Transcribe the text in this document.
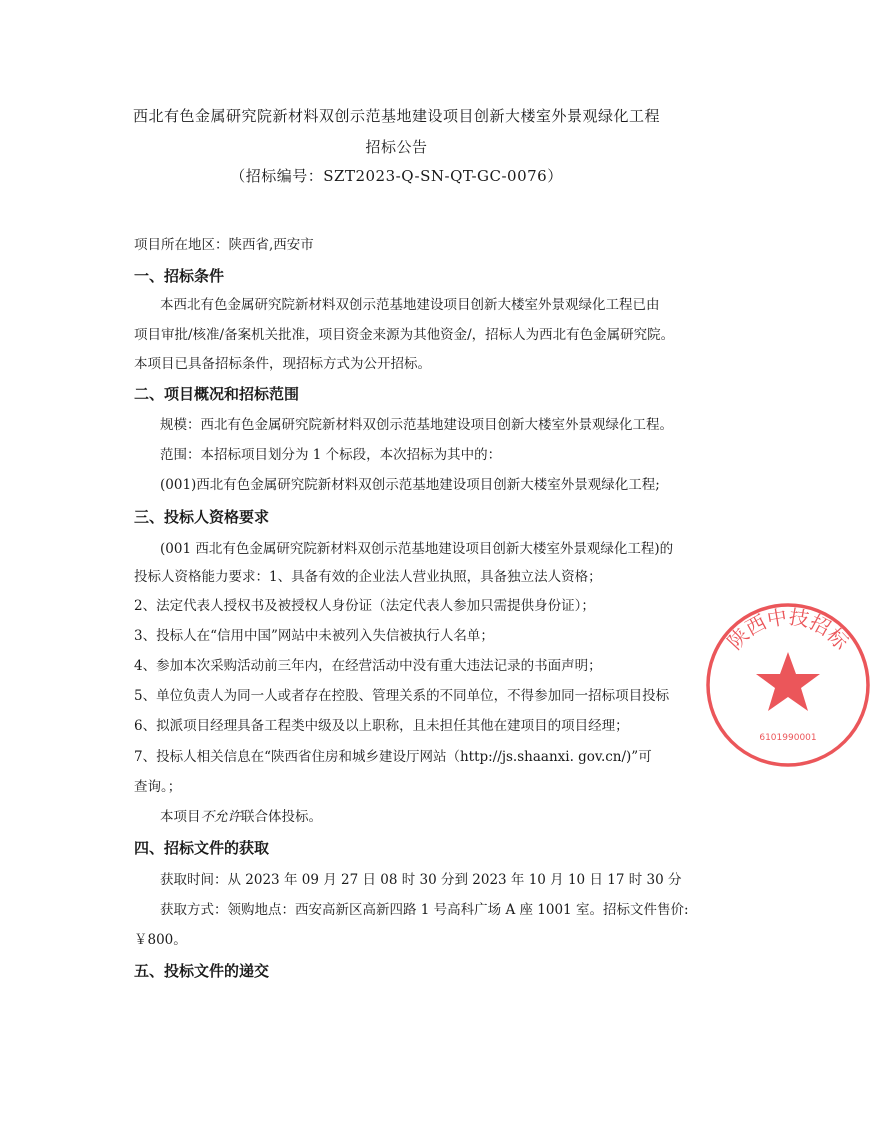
西北有色金属研究院新材料双创示范基地建设项目创新大楼室外景观绿化工程
招标公告
（招标编号：SZT2023-Q-SN-QT-GC-0076）
项目所在地区：陕西省,西安市
一、招标条件
本西北有色金属研究院新材料双创示范基地建设项目创新大楼室外景观绿化工程已由
项目审批/核准/备案机关批准，项目资金来源为其他资金/，招标人为西北有色金属研究院。
本项目已具备招标条件，现招标方式为公开招标。
二、项目概况和招标范围
规模：西北有色金属研究院新材料双创示范基地建设项目创新大楼室外景观绿化工程。
范围：本招标项目划分为 1 个标段，本次招标为其中的：
(001)西北有色金属研究院新材料双创示范基地建设项目创新大楼室外景观绿化工程;
三、投标人资格要求
(001 西北有色金属研究院新材料双创示范基地建设项目创新大楼室外景观绿化工程)的
投标人资格能力要求：1、具备有效的企业法人营业执照，具备独立法人资格；
2、法定代表人授权书及被授权人身份证（法定代表人参加只需提供身份证）；
3、投标人在“信用中国”网站中未被列入失信被执行人名单；
4、参加本次采购活动前三年内，在经营活动中没有重大违法记录的书面声明；
5、单位负责人为同一人或者存在控股、管理关系的不同单位，不得参加同一招标项目投标
6、拟派项目经理具备工程类中级及以上职称，且未担任其他在建项目的项目经理；
7、投标人相关信息在“陕西省住房和城乡建设厅网站（http://js.shaanxi. gov.cn/)”可
查询。；
本项目不允许联合体投标。
四、招标文件的获取
获取时间：从 2023 年 09 月 27 日 08 时 30 分到 2023 年 10 月 10 日 17 时 30 分
获取方式：领购地点：西安高新区高新四路 1 号高科广场 A 座 1001 室。招标文件售价:
￥800。
五、投标文件的递交
陕西中技招标
6101990001
